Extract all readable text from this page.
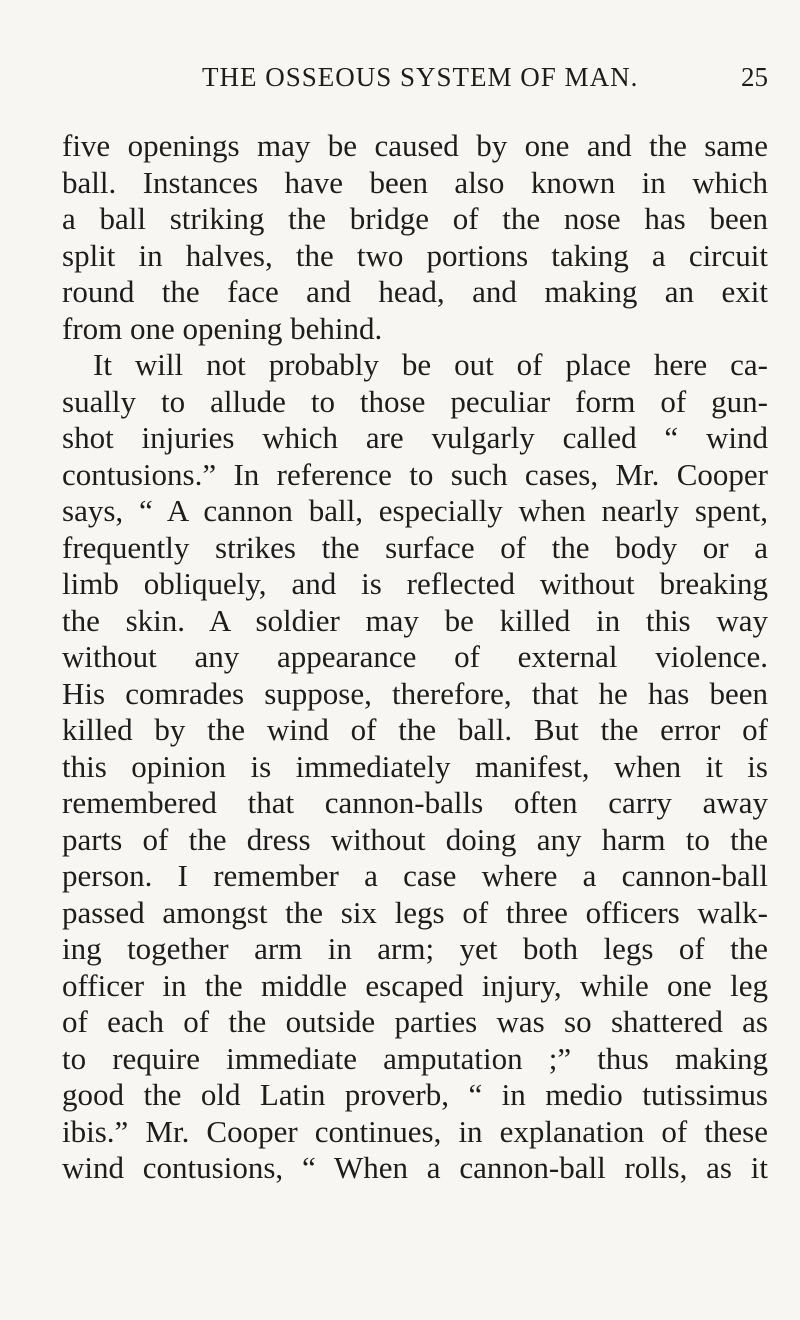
THE OSSEOUS SYSTEM OF MAN.	25
five openings may be caused by one and the same
ball. Instances have been also known in which
a ball striking the bridge of the nose has been
split in halves, the two portions taking a circuit
round the face and head, and making an exit
from one opening behind.
It will not probably be out of place here ca-
sually to allude to those peculiar form of gun-
shot injuries which are vulgarly called “ wind
contusions.” In reference to such cases, Mr. Cooper
says, “ A cannon ball, especially when nearly spent,
frequently strikes the surface of the body or a
limb obliquely, and is reflected without breaking
the skin. A soldier may be killed in this way
without any appearance of external violence.
His comrades suppose, therefore, that he has been
killed by the wind of the ball. But the error of
this opinion is immediately manifest, when it is
remembered that cannon-balls often carry away
parts of the dress without doing any harm to the
person. I remember a case where a cannon-ball
passed amongst the six legs of three officers walk-
ing together arm in arm; yet both legs of the
officer in the middle escaped injury, while one leg
of each of the outside parties was so shattered as
to require immediate amputation ;” thus making
good the old Latin proverb, “ in medio tutissimus
ibis.” Mr. Cooper continues, in explanation of these
wind contusions, “ When a cannon-ball rolls, as it
